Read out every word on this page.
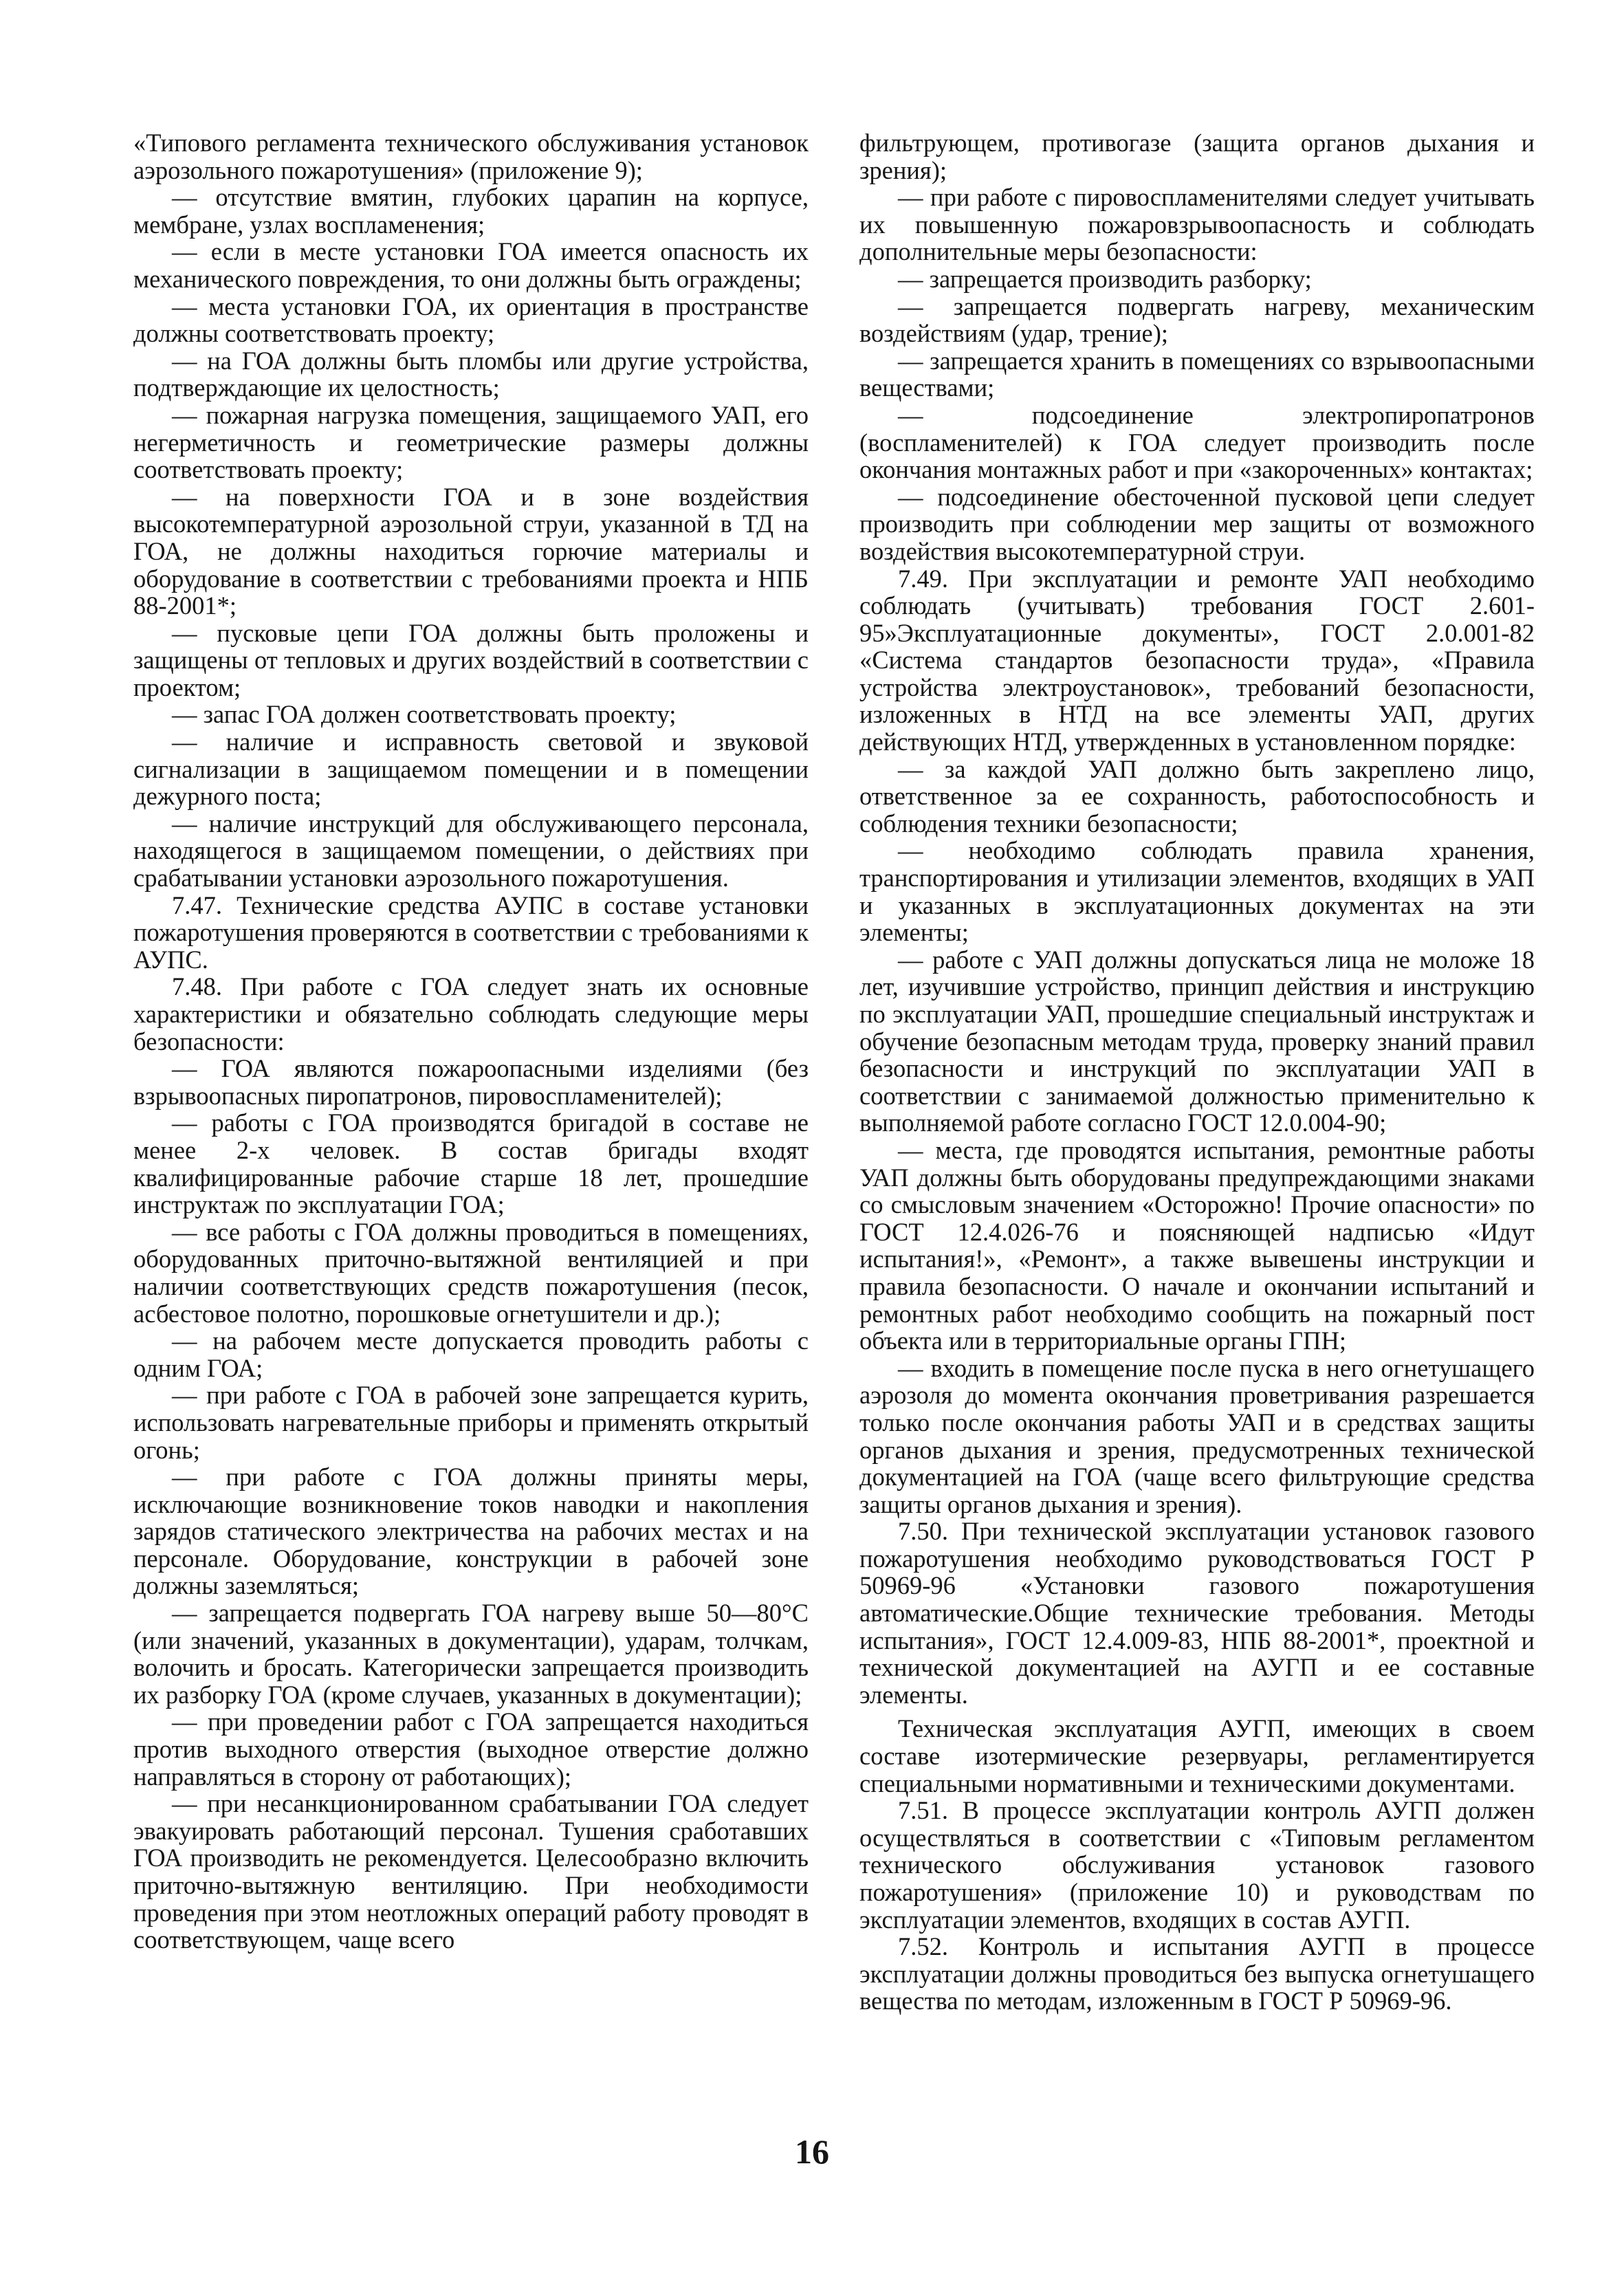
«Типового регламента технического обслуживания установок аэрозольного пожаротушения» (приложение 9);

— отсутствие вмятин, глубоких царапин на корпусе, мембране, узлах воспламенения;

— если в месте установки ГОА имеется опасность их механического повреждения, то они должны быть ограждены;

— места установки ГОА, их ориентация в пространстве должны соответствовать проекту;

— на ГОА должны быть пломбы или другие устройства, подтверждающие их целостность;

— пожарная нагрузка помещения, защищаемого УАП, его негерметичность и геометрические размеры должны соответствовать проекту;

— на поверхности ГОА и в зоне воздействия высокотемпературной аэрозольной струи, указанной в ТД на ГОА, не должны находиться горючие материалы и оборудование в соответствии с требованиями проекта и НПБ 88-2001*;

— пусковые цепи ГОА должны быть проложены и защищены от тепловых и других воздействий в соответствии с проектом;

— запас ГОА должен соответствовать проекту;

— наличие и исправность световой и звуковой сигнализации в защищаемом помещении и в помещении дежурного поста;

— наличие инструкций для обслуживающего персонала, находящегося в защищаемом помещении, о действиях при срабатывании установки аэрозольного пожаротушения.

7.47. Технические средства АУПС в составе установки пожаротушения проверяются в соответствии с требованиями к АУПС.

7.48. При работе с ГОА следует знать их основные характеристики и обязательно соблюдать следующие меры безопасности:

— ГОА являются пожароопасными изделиями (без взрывоопасных пиропатронов, пировоспламенителей);

— работы с ГОА производятся бригадой в составе не менее 2-х человек. В состав бригады входят квалифицированные рабочие старше 18 лет, прошедшие инструктаж по эксплуатации ГОА;

— все работы с ГОА должны проводиться в помещениях, оборудованных приточно-вытяжной вентиляцией и при наличии соответствующих средств пожаротушения (песок, асбестовое полотно, порошковые огнетушители и др.);

— на рабочем месте допускается проводить работы с одним ГОА;

— при работе с ГОА в рабочей зоне запрещается курить, использовать нагревательные приборы и применять открытый огонь;

— при работе с ГОА должны приняты меры, исключающие возникновение токов наводки и накопления зарядов статического электричества на рабочих местах и на персонале. Оборудование, конструкции в рабочей зоне должны заземляться;

— запрещается подвергать ГОА нагреву выше 50—80°С (или значений, указанных в документации), ударам, толчкам, волочить и бросать. Категорически запрещается производить их разборку ГОА (кроме случаев, указанных в документации);

— при проведении работ с ГОА запрещается находиться против выходного отверстия (выходное отверстие должно направляться в сторону от работающих);

— при несанкционированном срабатывании ГОА следует эвакуировать работающий персонал. Тушения сработавших ГОА производить не рекомендуется. Целесообразно включить приточно-вытяжную вентиляцию. При необходимости проведения при этом неотложных операций работу проводят в соответствующем, чаще всего

фильтрующем, противогазе (защита органов дыхания и зрения);

— при работе с пировоспламенителями следует учитывать их повышенную пожаровзрывоопасность и соблюдать дополнительные меры безопасности:

— запрещается производить разборку;

— запрещается подвергать нагреву, механическим воздействиям (удар, трение);

— запрещается хранить в помещениях со взрывоопасными веществами;

— подсоединение электропиропатронов (воспламенителей) к ГОА следует производить после окончания монтажных работ и при «закороченных» контактах;

— подсоединение обесточенной пусковой цепи следует производить при соблюдении мер защиты от возможного воздействия высокотемпературной струи.

7.49. При эксплуатации и ремонте УАП необходимо соблюдать (учитывать) требования ГОСТ 2.601-95»Эксплуатационные документы», ГОСТ 2.0.001-82 «Система стандартов безопасности труда», «Правила устройства электроустановок», требований безопасности, изложенных в НТД на все элементы УАП, других действующих НТД, утвержденных в установленном порядке:

— за каждой УАП должно быть закреплено лицо, ответственное за ее сохранность, работоспособность и соблюдения техники безопасности;

— необходимо соблюдать правила хранения, транспортирования и утилизации элементов, входящих в УАП и указанных в эксплуатационных документах на эти элементы;

— работе с УАП должны допускаться лица не моложе 18 лет, изучившие устройство, принцип действия и инструкцию по эксплуатации УАП, прошедшие специальный инструктаж и обучение безопасным методам труда, проверку знаний правил безопасности и инструкций по эксплуатации УАП в соответствии с занимаемой должностью применительно к выполняемой работе согласно ГОСТ 12.0.004-90;

— места, где проводятся испытания, ремонтные работы УАП должны быть оборудованы предупреждающими знаками со смысловым значением «Осторожно! Прочие опасности» по ГОСТ 12.4.026-76 и поясняющей надписью «Идут испытания!», «Ремонт», а также вывешены инструкции и правила безопасности. О начале и окончании испытаний и ремонтных работ необходимо сообщить на пожарный пост объекта или в территориальные органы ГПН;

— входить в помещение после пуска в него огнетушащего аэрозоля до момента окончания проветривания разрешается только после окончания работы УАП и в средствах защиты органов дыхания и зрения, предусмотренных технической документацией на ГОА (чаще всего фильтрующие средства защиты органов дыхания и зрения).

7.50. При технической эксплуатации установок газового пожаротушения необходимо руководствоваться ГОСТ Р 50969-96 «Установки газового пожаротушения автоматические.Общие технические требования. Методы испытания», ГОСТ 12.4.009-83, НПБ 88-2001*, проектной и технической документацией на АУГП и ее составные элементы.

Техническая эксплуатация АУГП, имеющих в своем составе изотермические резервуары, регламентируется специальными нормативными и техническими документами.

7.51. В процессе эксплуатации контроль АУГП должен осуществляться в соответствии с «Типовым регламентом технического обслуживания установок газового пожаротушения» (приложение 10) и руководствам по эксплуатации элементов, входящих в состав АУГП.

7.52. Контроль и испытания АУГП в процессе эксплуатации должны проводиться без выпуска огнетушащего вещества по методам, изложенным в ГОСТ Р 50969-96.

16
